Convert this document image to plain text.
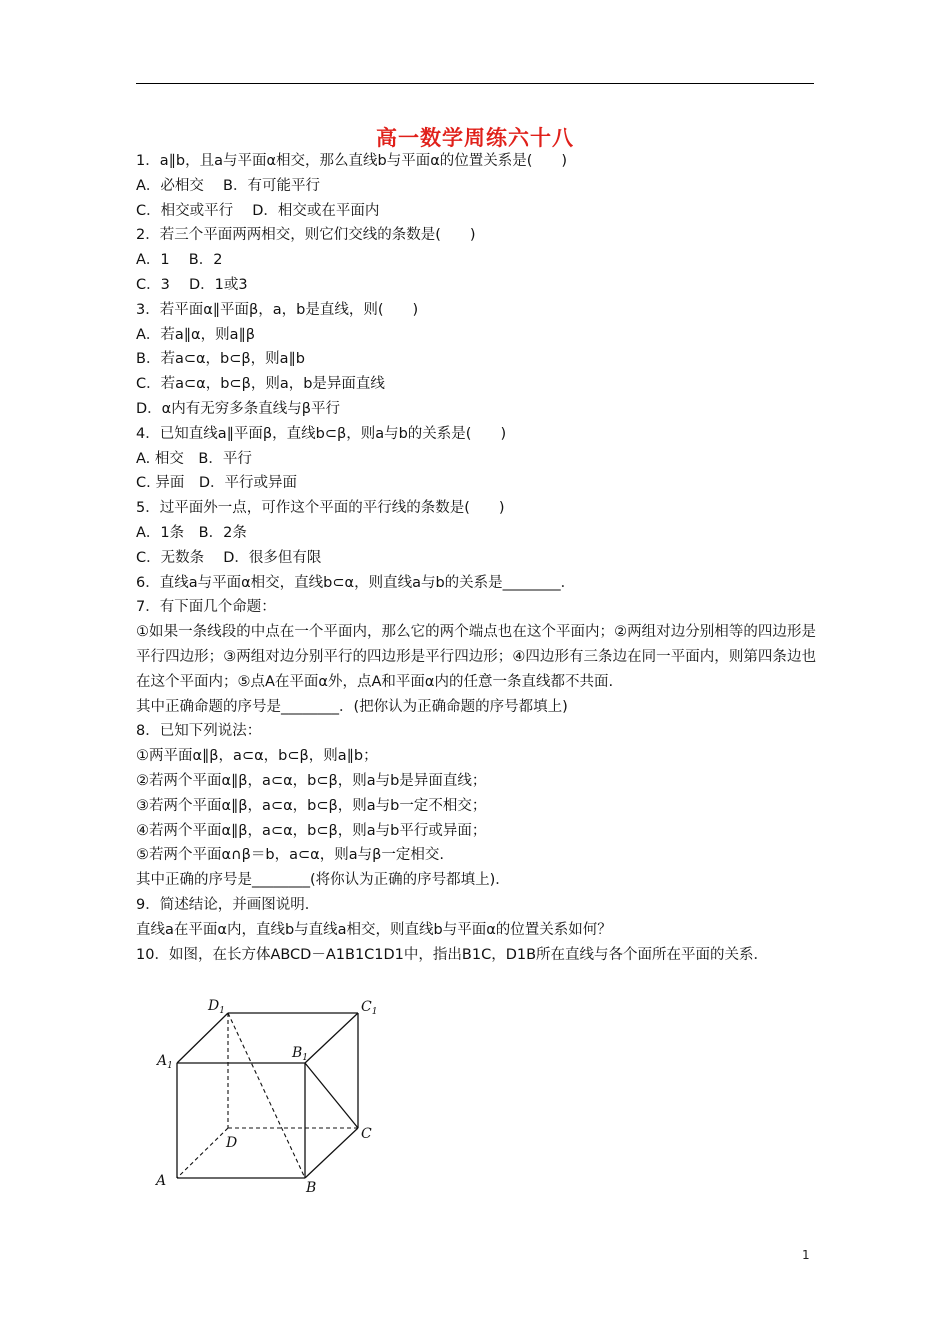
高一数学周练六十八
1．a∥b，且a与平面α相交，那么直线b与平面α的位置关系是(　　)
A．必相交　 B．有可能平行
C．相交或平行　 D．相交或在平面内
2．若三个平面两两相交，则它们交线的条数是(　　)
A．1　 B．2
C．3　 D．1或3
3．若平面α∥平面β，a，b是直线，则(　　)
A．若a∥α，则a∥β
B．若a⊂α，b⊂β，则a∥b
C．若a⊂α，b⊂β，则a，b是异面直线
D．α内有无穷多条直线与β平行
4．已知直线a∥平面β，直线b⊂β，则a与b的关系是(　　)
A. 相交　B．平行
C. 异面　D．平行或异面
5．过平面外一点，可作这个平面的平行线的条数是(　　)
A．1条　B．2条
C．无数条　 D．很多但有限
6．直线a与平面α相交，直线b⊂α，则直线a与b的关系是________．
7．有下面几个命题：
①如果一条线段的中点在一个平面内，那么它的两个端点也在这个平面内；②两组对边分别相等的四边形是平行四边形；③两组对边分别平行的四边形是平行四边形；④四边形有三条边在同一平面内，则第四条边也在这个平面内；⑤点A在平面α外，点A和平面α内的任意一条直线都不共面.
其中正确命题的序号是________．(把你认为正确命题的序号都填上)
8．已知下列说法：
①两平面α∥β，a⊂α，b⊂β，则a∥b；
②若两个平面α∥β，a⊂α，b⊂β，则a与b是异面直线；
③若两个平面α∥β，a⊂α，b⊂β，则a与b一定不相交；
④若两个平面α∥β，a⊂α，b⊂β，则a与b平行或异面；
⑤若两个平面α∩β＝b，a⊂α，则a与β一定相交.
其中正确的序号是________(将你认为正确的序号都填上)．
9．简述结论，并画图说明．
直线a在平面α内，直线b与直线a相交，则直线b与平面α的位置关系如何？
10．如图，在长方体ABCD－A1B1C1D1中，指出B1C，D1B所在直线与各个面所在平面的关系．
$D_1$	$C_1$
$A_1$
$B_1$
D
C
A	B
1
